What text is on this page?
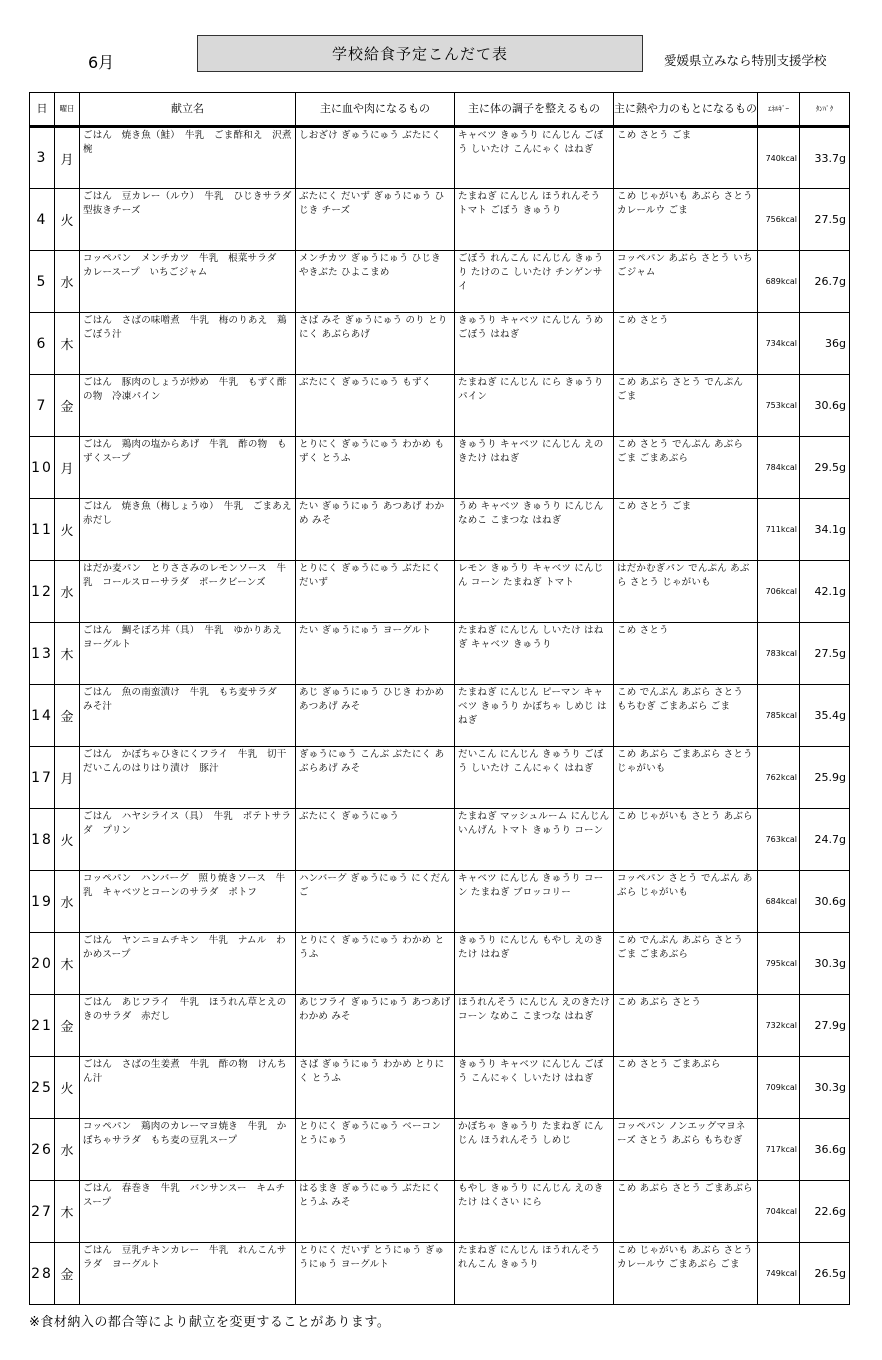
6月	学校給食予定こんだて表	愛媛県立みなら特別支援学校
日	曜日	献立名	主に血や肉になるもの	主に体の調子を整えるもの	主に熱や力のもとになるもの	ｴﾈﾙｷﾞｰ	ﾀﾝﾊﾟｸ
3	月	ごはん　焼き魚（鮭）　牛乳　ごま酢和え　沢煮椀	しおざけ ぎゅうにゅう ぶたにく	キャベツ きゅうり にんじん ごぼう しいたけ こんにゃく はねぎ	こめ さとう ごま	740kcal	33.7g
4	火	ごはん　豆カレー（ルウ）　牛乳　ひじきサラダ　型抜きチーズ	ぶたにく だいず ぎゅうにゅう ひじき チーズ	たまねぎ にんじん ほうれんそう トマト ごぼう きゅうり	こめ じゃがいも あぶら さとう カレールウ ごま	756kcal	27.5g
5	水	コッペパン　メンチカツ　牛乳　根菜サラダ　カレースープ　いちごジャム	メンチカツ ぎゅうにゅう ひじき やきぶた ひよこまめ	ごぼう れんこん にんじん きゅうり たけのこ しいたけ チンゲンサイ	コッペパン あぶら さとう いちごジャム	689kcal	26.7g
6	木	ごはん　さばの味噌煮　牛乳　梅のりあえ　鶏ごぼう汁	さば みそ ぎゅうにゅう のり とりにく あぶらあげ	きゅうり キャベツ にんじん うめ ごぼう はねぎ	こめ さとう	734kcal	36g
7	金	ごはん　豚肉のしょうが炒め　牛乳　もずく酢の物　冷凍パイン	ぶたにく ぎゅうにゅう もずく	たまねぎ にんじん にら きゅうり パイン	こめ あぶら さとう でんぷん ごま	753kcal	30.6g
10	月	ごはん　鶏肉の塩からあげ　牛乳　酢の物　もずくスープ	とりにく ぎゅうにゅう わかめ もずく とうふ	きゅうり キャベツ にんじん えのきたけ はねぎ	こめ さとう でんぷん あぶら ごま ごまあぶら	784kcal	29.5g
11	火	ごはん　焼き魚（梅しょうゆ）　牛乳　ごまあえ　赤だし	たい ぎゅうにゅう あつあげ わかめ みそ	うめ キャベツ きゅうり にんじん なめこ こまつな はねぎ	こめ さとう ごま	711kcal	34.1g
12	水	はだか麦パン　とりささみのレモンソース　牛乳　コールスローサラダ　ポークビーンズ	とりにく ぎゅうにゅう ぶたにく だいず	レモン きゅうり キャベツ にんじん コーン たまねぎ トマト	はだかむぎパン でんぷん あぶら さとう じゃがいも	706kcal	42.1g
13	木	ごはん　鯛そぼろ丼（具）　牛乳　ゆかりあえ　ヨーグルト	たい ぎゅうにゅう ヨーグルト	たまねぎ にんじん しいたけ はねぎ キャベツ きゅうり	こめ さとう	783kcal	27.5g
14	金	ごはん　魚の南蛮漬け　牛乳　もち麦サラダ　みそ汁	あじ ぎゅうにゅう ひじき わかめ あつあげ みそ	たまねぎ にんじん ピーマン キャベツ きゅうり かぼちゃ しめじ はねぎ	こめ でんぷん あぶら さとう もちむぎ ごまあぶら ごま	785kcal	35.4g
17	月	ごはん　かぼちゃひきにくフライ　牛乳　切干だいこんのはりはり漬け　豚汁	ぎゅうにゅう こんぶ ぶたにく あぶらあげ みそ	だいこん にんじん きゅうり ごぼう しいたけ こんにゃく はねぎ	こめ あぶら ごまあぶら さとう じゃがいも	762kcal	25.9g
18	火	ごはん　ハヤシライス（具）　牛乳　ポテトサラダ　プリン	ぶたにく ぎゅうにゅう	たまねぎ マッシュルーム にんじん いんげん トマト きゅうり コーン	こめ じゃがいも さとう あぶら	763kcal	24.7g
19	水	コッペパン　ハンバーグ　照り焼きソース　牛乳　キャベツとコーンのサラダ　ポトフ	ハンバーグ ぎゅうにゅう にくだんご	キャベツ にんじん きゅうり コーン たまねぎ ブロッコリー	コッペパン さとう でんぷん あぶら じゃがいも	684kcal	30.6g
20	木	ごはん　ヤンニョムチキン　牛乳　ナムル　わかめスープ	とりにく ぎゅうにゅう わかめ とうふ	きゅうり にんじん もやし えのきたけ はねぎ	こめ でんぷん あぶら さとう ごま ごまあぶら	795kcal	30.3g
21	金	ごはん　あじフライ　牛乳　ほうれん草とえのきのサラダ　赤だし	あじフライ ぎゅうにゅう あつあげ わかめ みそ	ほうれんそう にんじん えのきたけ コーン なめこ こまつな はねぎ	こめ あぶら さとう	732kcal	27.9g
25	火	ごはん　さばの生姜煮　牛乳　酢の物　けんちん汁	さば ぎゅうにゅう わかめ とりにく とうふ	きゅうり キャベツ にんじん ごぼう こんにゃく しいたけ はねぎ	こめ さとう ごまあぶら	709kcal	30.3g
26	水	コッペパン　鶏肉のカレーマヨ焼き　牛乳　かぼちゃサラダ　もち麦の豆乳スープ	とりにく ぎゅうにゅう ベーコン とうにゅう	かぼちゃ きゅうり たまねぎ にんじん ほうれんそう しめじ	コッペパン ノンエッグマヨネーズ さとう あぶら もちむぎ	717kcal	36.6g
27	木	ごはん　春巻き　牛乳　バンサンスー　キムチスープ	はるまき ぎゅうにゅう ぶたにく とうふ みそ	もやし きゅうり にんじん えのきたけ はくさい にら	こめ あぶら さとう ごまあぶら	704kcal	22.6g
28	金	ごはん　豆乳チキンカレー　牛乳　れんこんサラダ　ヨーグルト	とりにく だいず とうにゅう ぎゅうにゅう ヨーグルト	たまねぎ にんじん ほうれんそう れんこん きゅうり	こめ じゃがいも あぶら さとう カレールウ ごまあぶら ごま	749kcal	26.5g
※食材納入の都合等により献立を変更することがあります。
